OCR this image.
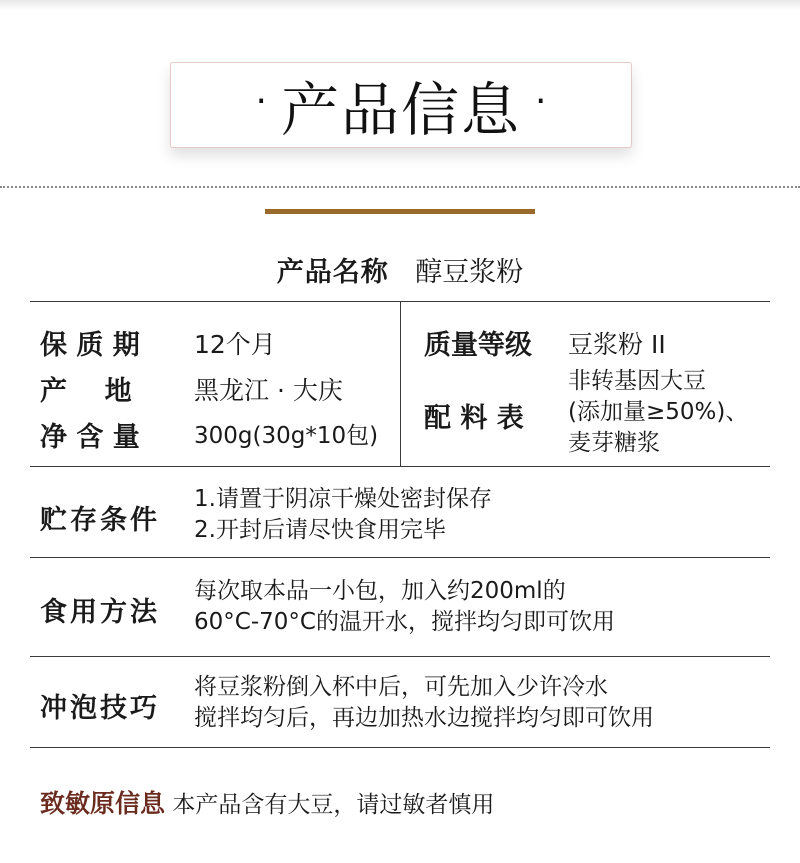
· 产品信息 ·
产品名称 醇豆浆粉
保 质 期 12个月
产    地 黑龙江 · 大庆
净 含 量 300g(30g*10包)
质量等级 豆浆粉 II
配 料 表
非转基因大豆
(添加量≥50%)、
麦芽糖浆
贮存条件
1.请置于阴凉干燥处密封保存
2.开封后请尽快食用完毕
食用方法
每次取本品一小包，加入约200ml的
60°C-70°C的温开水，搅拌均匀即可饮用
冲泡技巧
将豆浆粉倒入杯中后，可先加入少许冷水
搅拌均匀后，再边加热水边搅拌均匀即可饮用
致敏原信息 本产品含有大豆，请过敏者慎用
